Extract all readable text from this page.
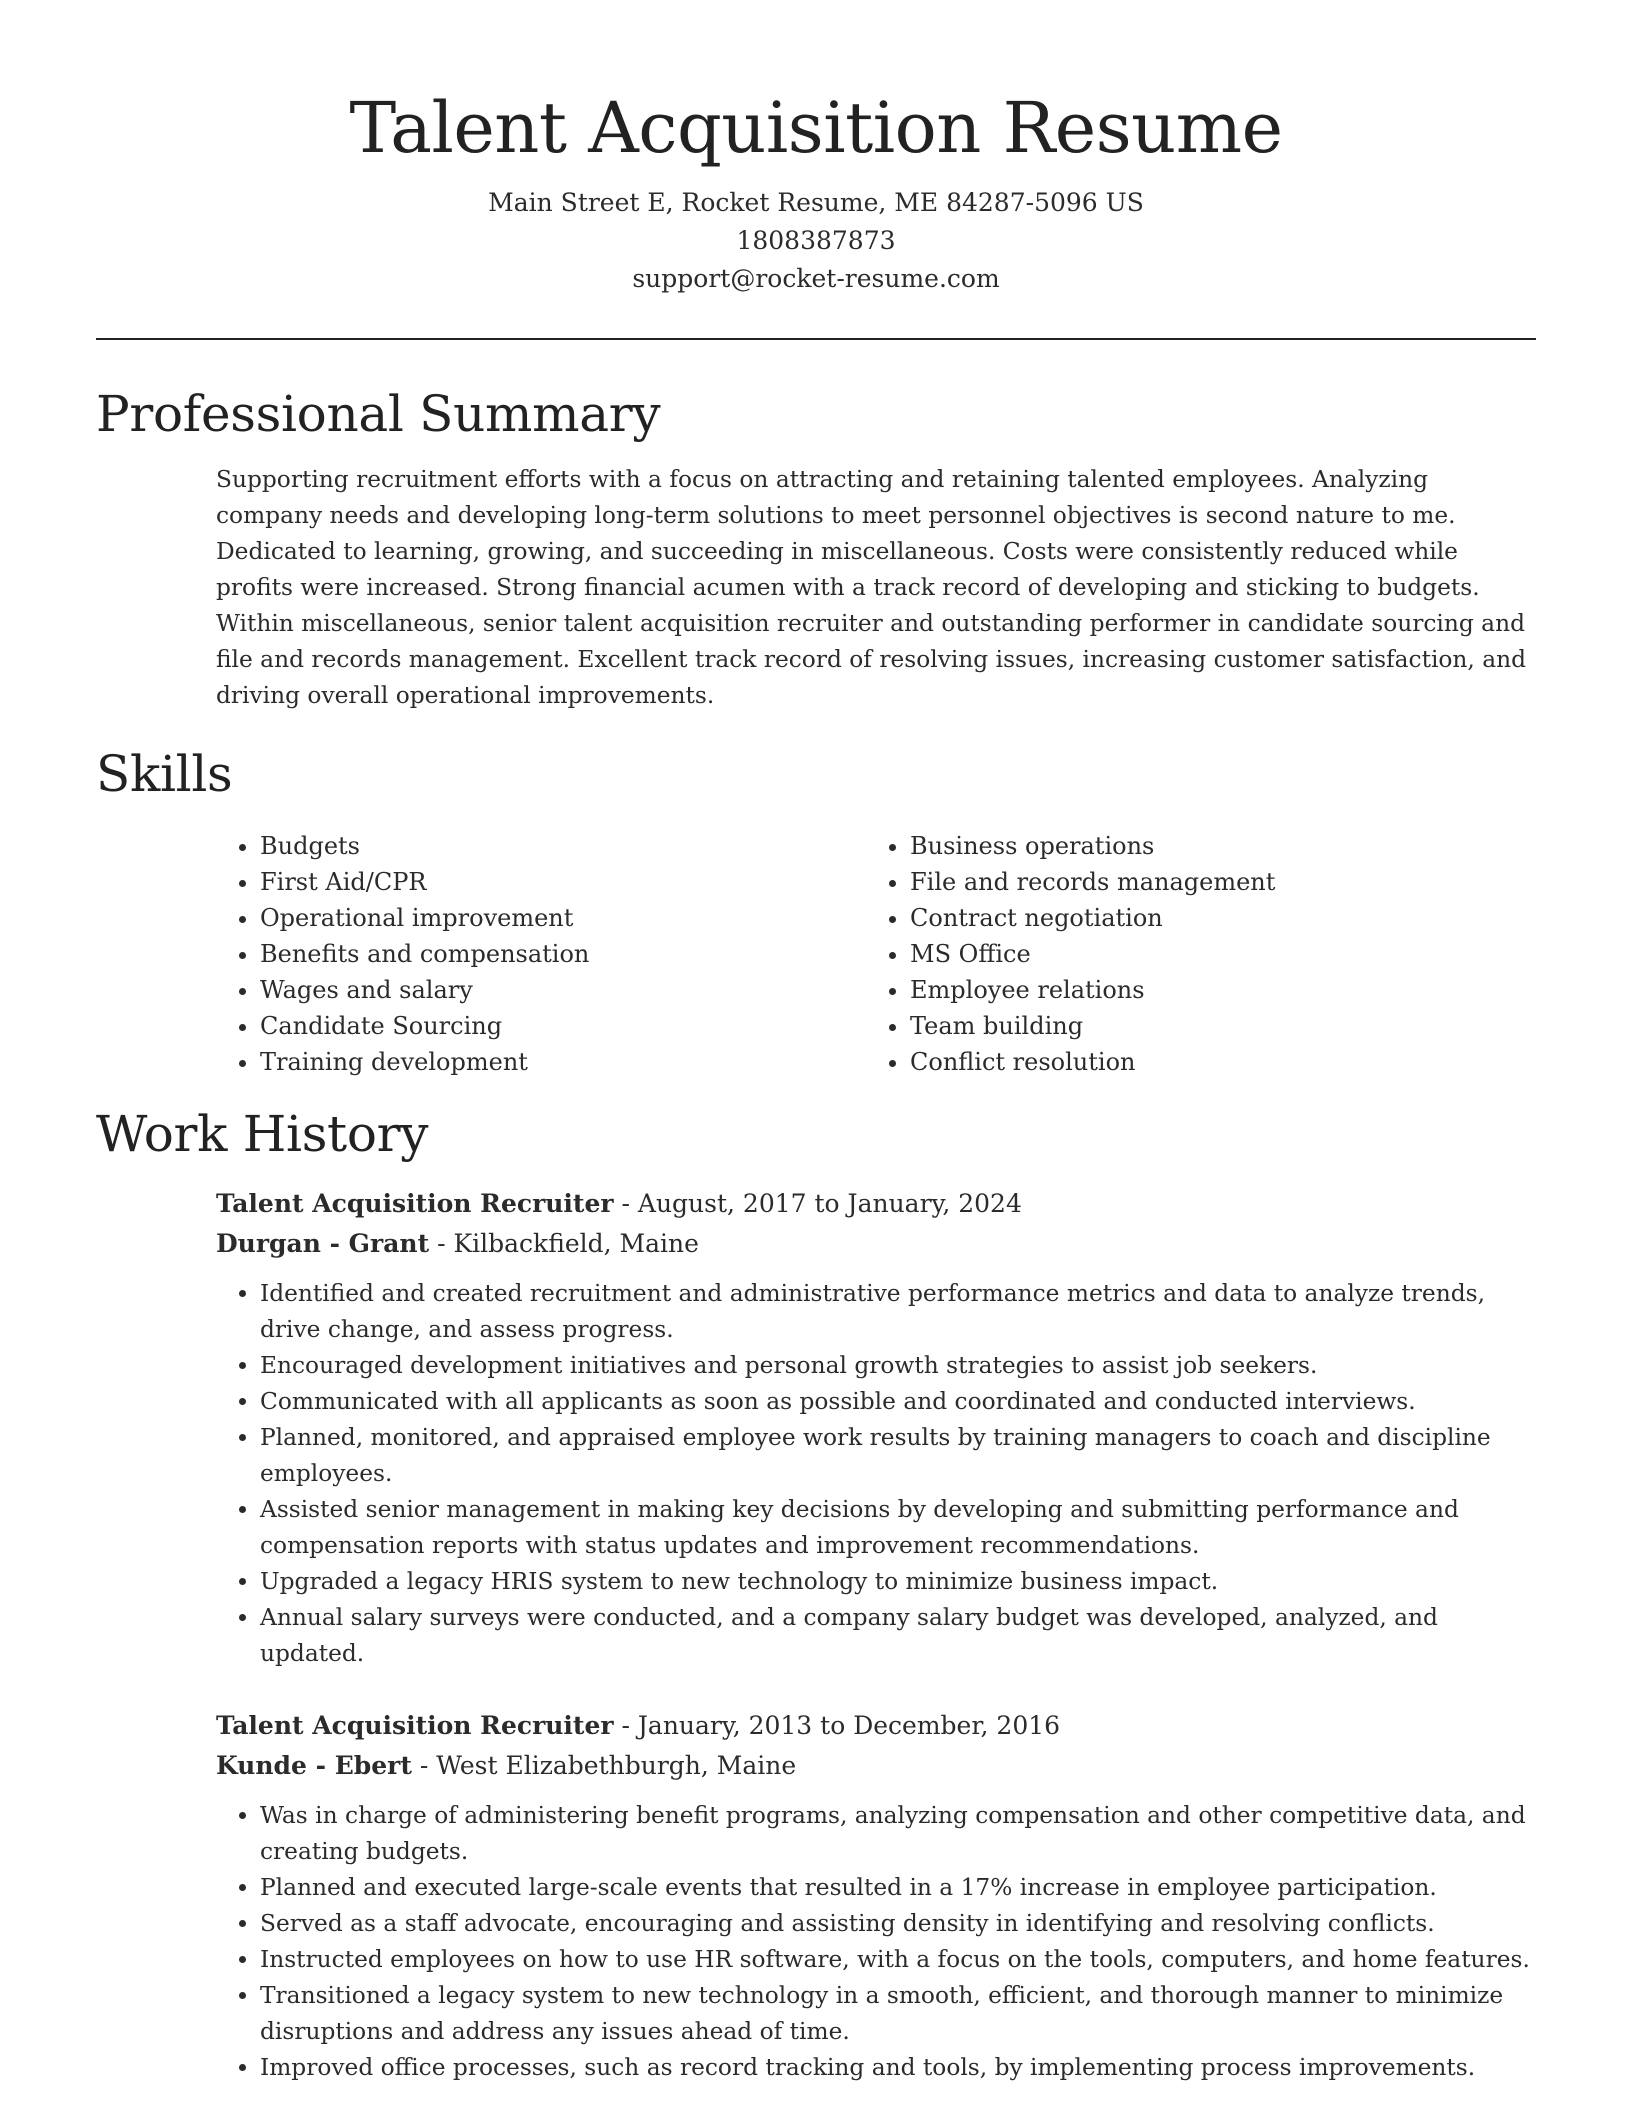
Talent Acquisition Resume
Main Street E, Rocket Resume, ME 84287-5096 US
1808387873
support@rocket-resume.com
Professional Summary

Supporting recruitment efforts with a focus on attracting and retaining talented employees. Analyzing company needs and developing long-term solutions to meet personnel objectives is second nature to me. Dedicated to learning, growing, and succeeding in miscellaneous. Costs were consistently reduced while profits were increased. Strong financial acumen with a track record of developing and sticking to budgets. Within miscellaneous, senior talent acquisition recruiter and outstanding performer in candidate sourcing and file and records management. Excellent track record of resolving issues, increasing customer satisfaction, and driving overall operational improvements.

Skills
• Budgets
• First Aid/CPR
• Operational improvement
• Benefits and compensation
• Wages and salary
• Candidate Sourcing
• Training development
• Business operations
• File and records management
• Contract negotiation
• MS Office
• Employee relations
• Team building
• Conflict resolution
Work History
Talent Acquisition Recruiter - August, 2017 to January, 2024
Durgan - Grant - Kilbackfield, Maine
• Identified and created recruitment and administrative performance metrics and data to analyze trends, drive change, and assess progress.
• Encouraged development initiatives and personal growth strategies to assist job seekers.
• Communicated with all applicants as soon as possible and coordinated and conducted interviews.
• Planned, monitored, and appraised employee work results by training managers to coach and discipline employees.
• Assisted senior management in making key decisions by developing and submitting performance and compensation reports with status updates and improvement recommendations.
• Upgraded a legacy HRIS system to new technology to minimize business impact.
• Annual salary surveys were conducted, and a company salary budget was developed, analyzed, and updated.
Talent Acquisition Recruiter - January, 2013 to December, 2016
Kunde - Ebert - West Elizabethburgh, Maine
• Was in charge of administering benefit programs, analyzing compensation and other competitive data, and creating budgets.
• Planned and executed large-scale events that resulted in a 17% increase in employee participation.
• Served as a staff advocate, encouraging and assisting density in identifying and resolving conflicts.
• Instructed employees on how to use HR software, with a focus on the tools, computers, and home features.
• Transitioned a legacy system to new technology in a smooth, efficient, and thorough manner to minimize disruptions and address any issues ahead of time.
• Improved office processes, such as record tracking and tools, by implementing process improvements.
